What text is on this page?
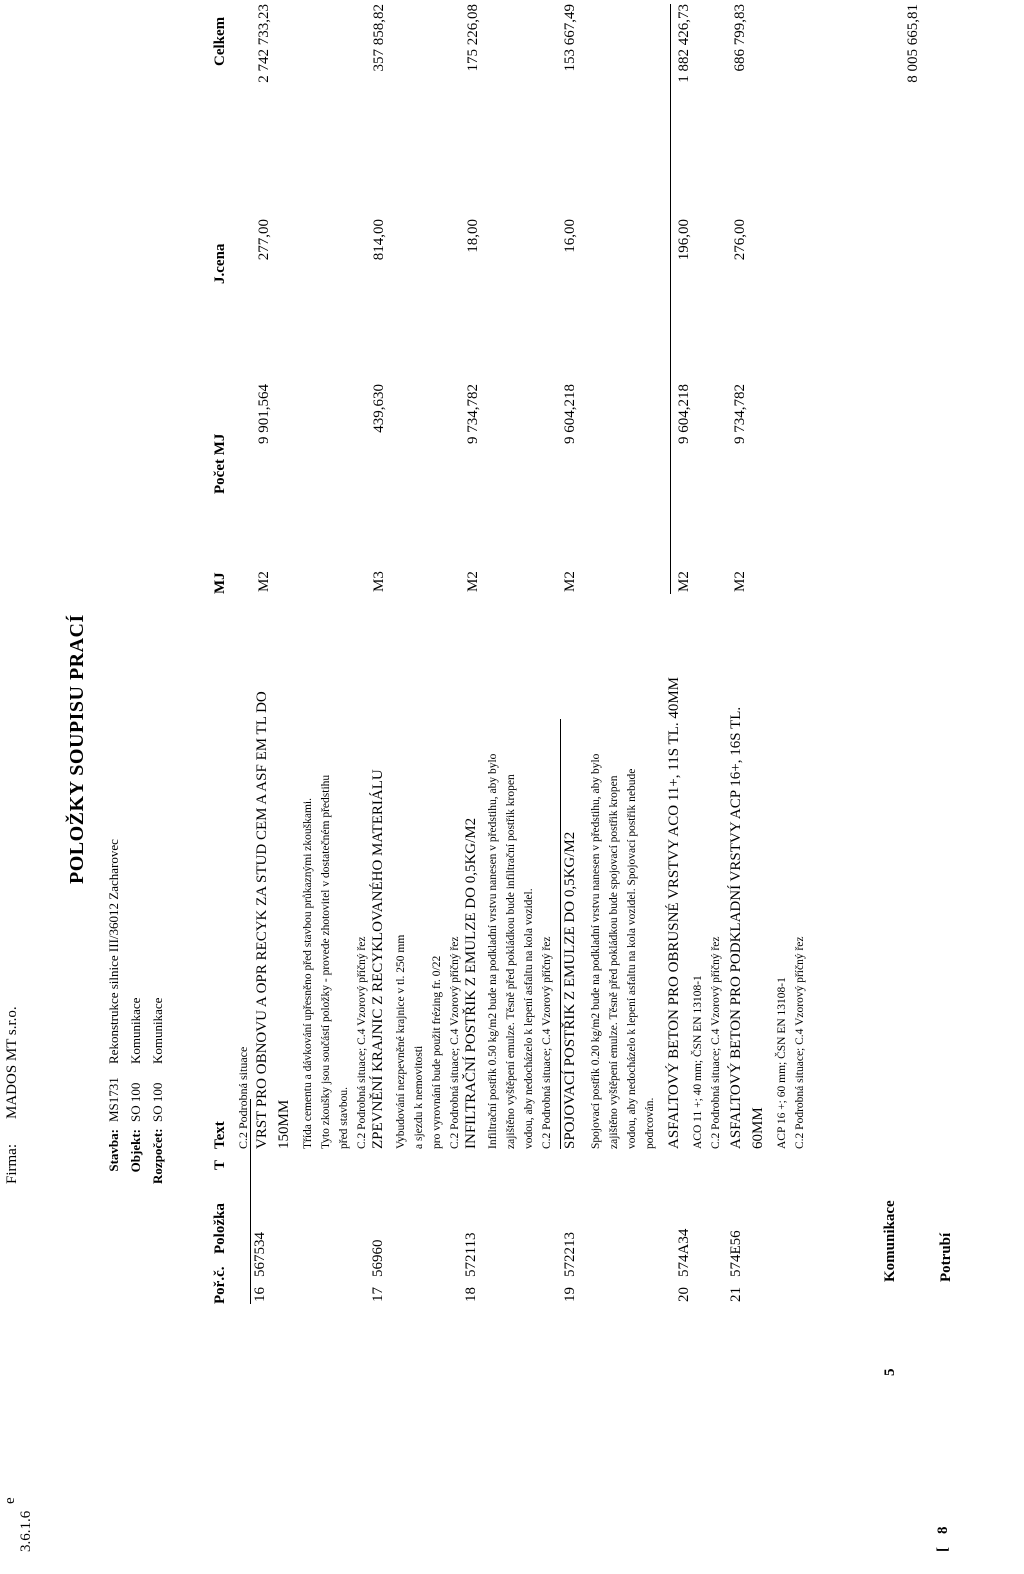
3.6.1.6
e
Firma:
MADOS MT s.r.o.
Stavba:
MS1731
Rekonstrukce silnice III/36012 Zacharovec
Objekt:
SO 100
Komunikace
Rozpočet:
SO 100
Komunikace
POLOŽKY SOUPISU PRACÍ
Poř.č.
Položka
T
Text
MJ
Počet MJ
J.cena
Celkem
C.2 Podrobná situace
16
567534
VRST PRO OBNOVU A OPR RECYK ZA STUD CEM A ASF EM TL DO 150MM Třída cementu a dávkování upřesněno před stavbou průkaznými zkouškami. Tyto zkoušky jsou součástí položky - provede zhotovitel v dostatečném předstihu před stavbou. C.2 Podrobná situace; C.4 Vzorový příčný řez
M2
9 901,564
277,00
2 742 733,23
17
56960
ZPEVNĚNÍ KRAJNIC Z RECYKLOVANÉHO MATERIÁLU Vybudování nezpevněné krajnice v tl. 250 mm a sjezdu k nemovitosti pro vyrovnání bude použit frézing fr. 0/22 C.2 Podrobná situace; C.4 Vzorový příčný řez
M3
439,630
814,00
357 858,82
18
572113
INFILTRAČNÍ POSTŘIK Z EMULZE DO 0,5KG/M2 Infiltrační postřik 0.50 kg/m2 bude na podkladní vrstvu nanesen v předstihu, aby bylo zajištěno vyštěpení emulze. Těsně před pokládkou bude infiltrační postřik kropen vodou, aby nedocházelo k lepení asfaltu na kola vozidel. C.2 Podrobná situace; C.4 Vzorový příčný řez
M2
9 734,782
18,00
175 226,08
19
572213
SPOJOVACÍ POSTŘIK Z EMULZE DO 0,5KG/M2 Spojovací postřik 0.20 kg/m2 bude na podkladní vrstvu nanesen v předstihu, aby bylo zajištěno vyštěpení emulze. Těsně před pokládkou bude spojovací postřik kropen vodou, aby nedocházelo k lepení asfaltu na kola vozidel. Spojovací postřik nebude podrcován.
M2
9 604,218
16,00
153 667,49
20
574A34
ASFALTOVÝ BETON PRO OBRUSNÉ VRSTVY ACO 11+, 11S TL. 40MM ACO 11 +; 40 mm; ČSN EN 13108-1 C.2 Podrobná situace; C.4 Vzorový příčný řez
M2
9 604,218
196,00
1 882 426,73
21
574E56
ASFALTOVÝ BETON PRO PODKLADNÍ VRSTVY ACP 16+, 16S TL. 60MM ACP 16 +; 60 mm; ČSN EN 13108-1 C.2 Podrobná situace; C.4 Vzorový příčný řez
M2
9 734,782
276,00
686 799,83
5
Komunikace
8 005 665,81
[
8
Potrubí
